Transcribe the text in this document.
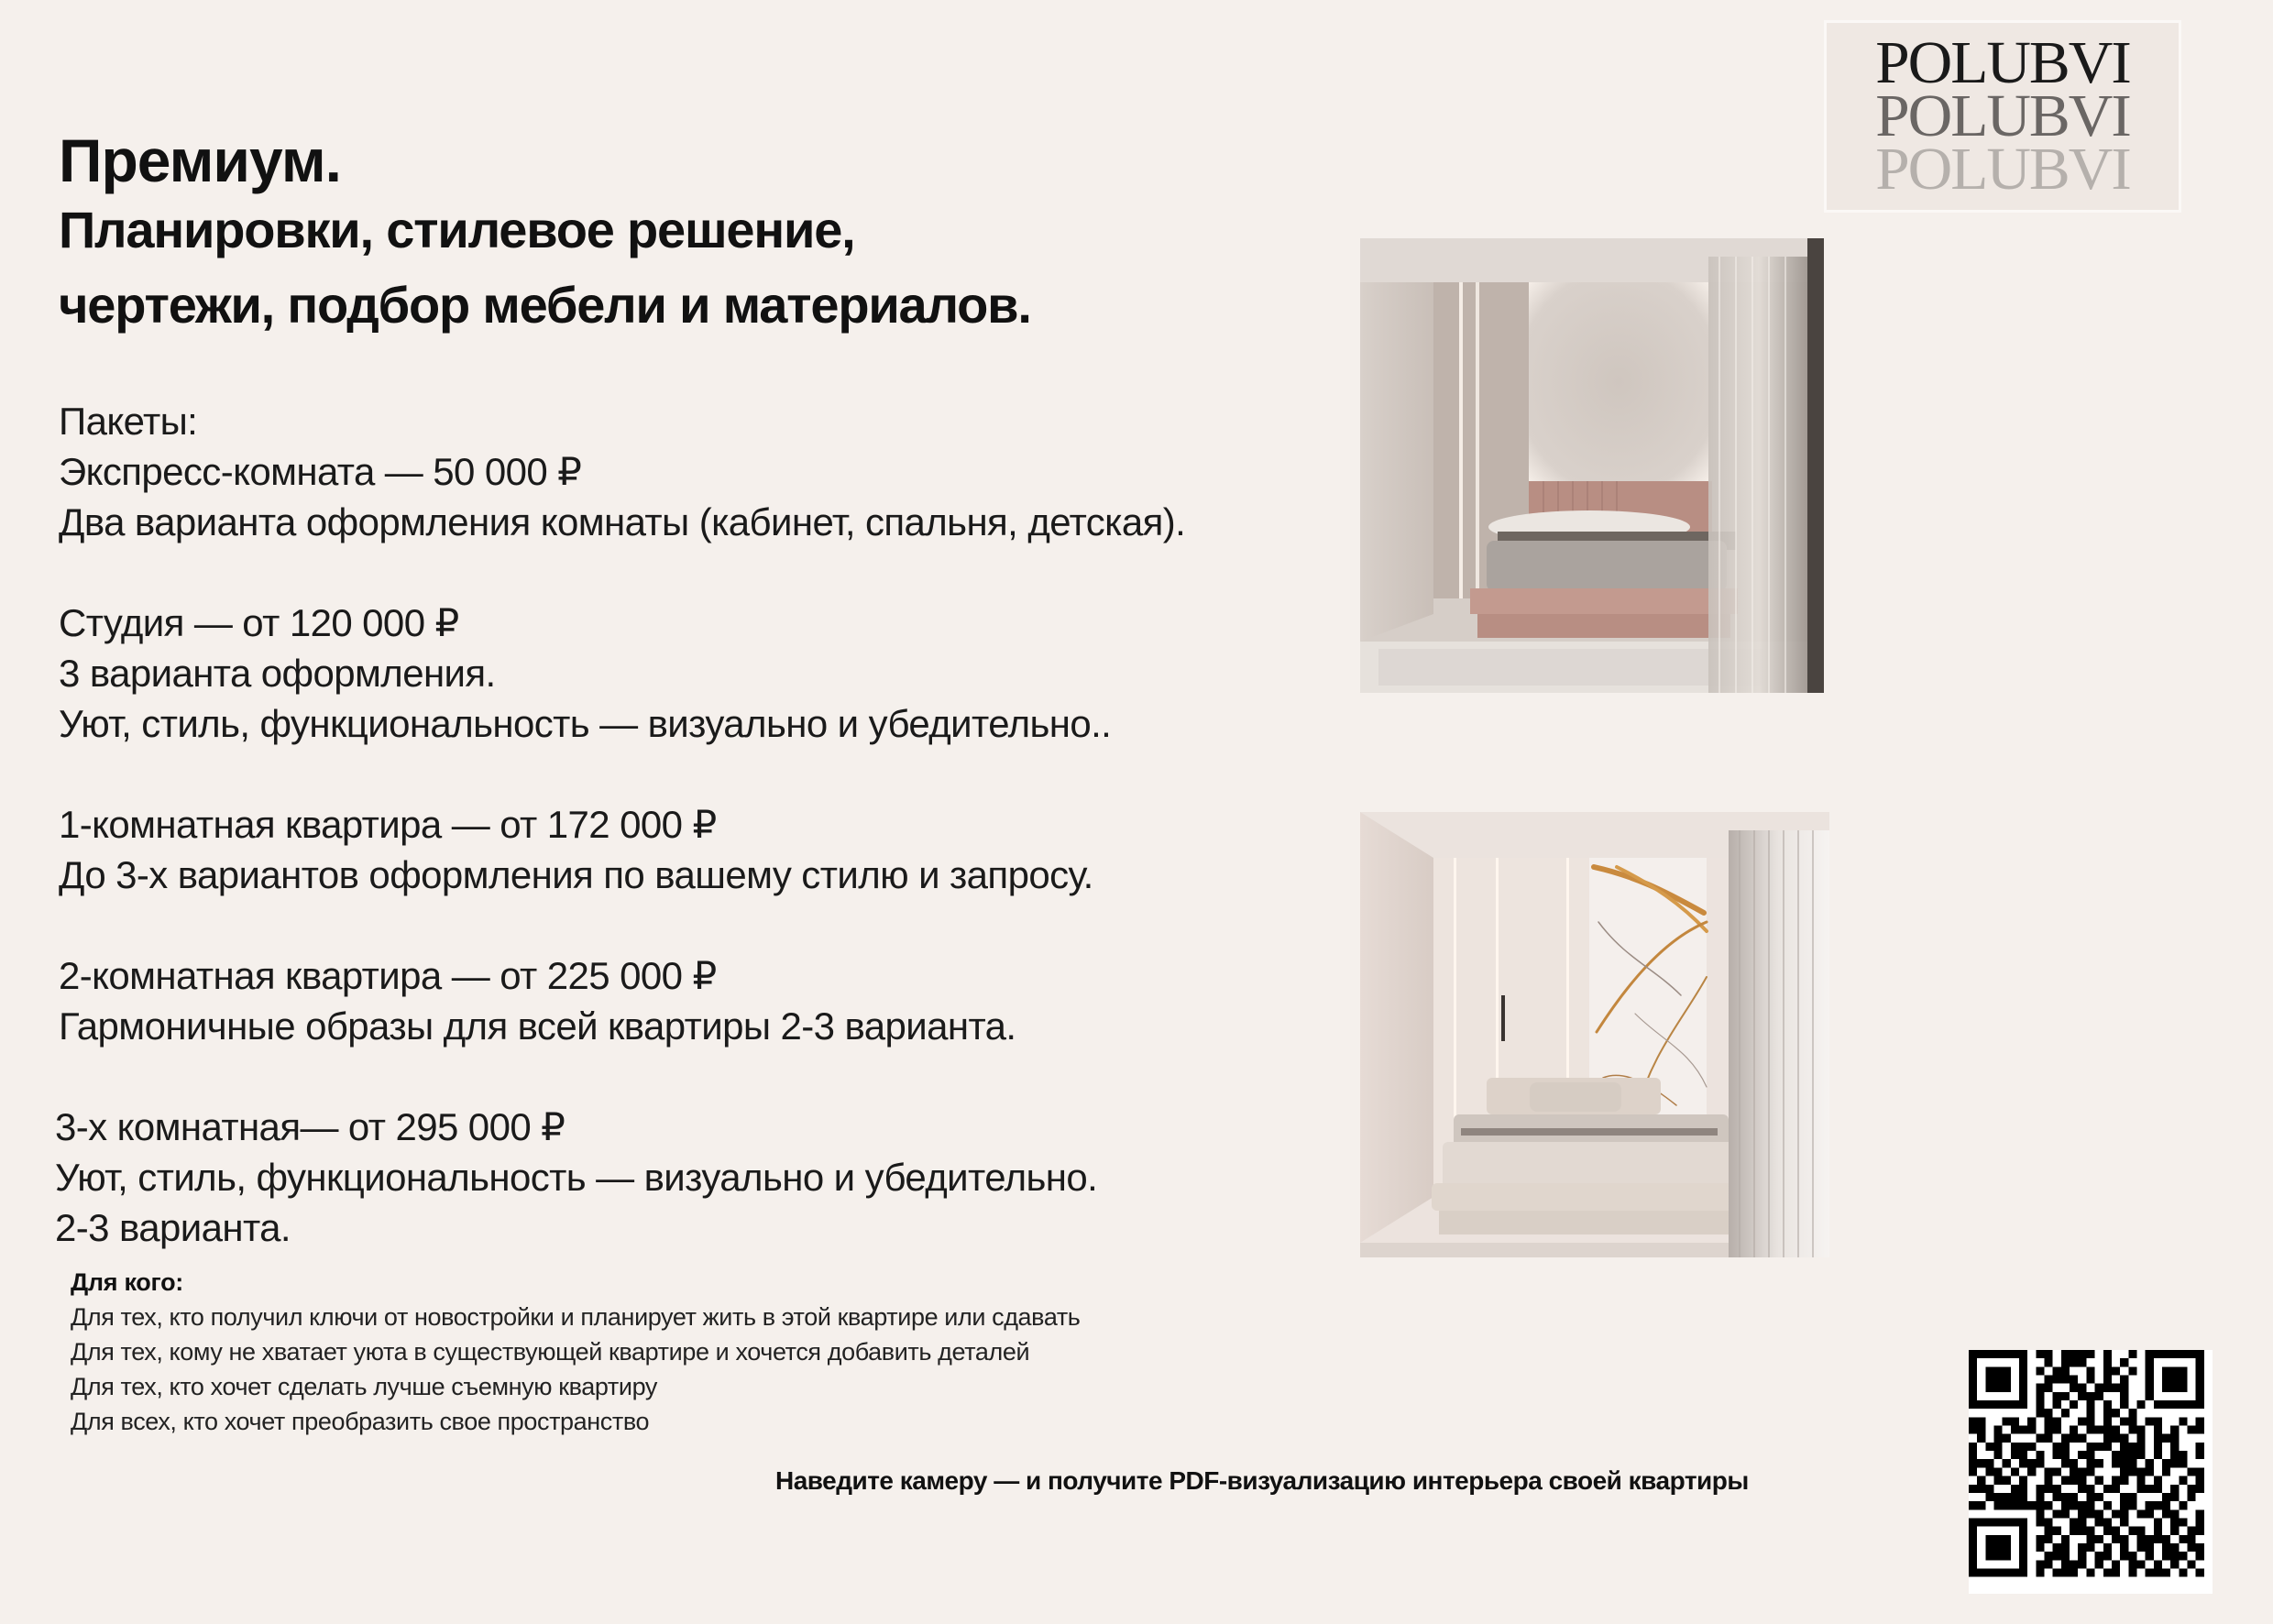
Премиум.
Планировки, стилевое решение,
чертежи, подбор мебели и материалов.
POLUBVI
POLUBVI
POLUBVI
Пакеты:
Экспресс-комната — 50 000 ₽
Два варианта оформления комнаты (кабинет, спальня, детская).
Студия — от 120 000 ₽
3 варианта оформления.
Уют, стиль, функциональность — визуально и убедительно..
1-комнатная квартира — от 172 000 ₽
До 3-х вариантов оформления по вашему стилю и запросу.
2-комнатная квартира — от 225 000 ₽
Гармоничные образы для всей квартиры 2-3 варианта.
3-х комнатная— от 295 000 ₽
Уют, стиль, функциональность — визуально и убедительно.
2-3 варианта.
Для кого:
Для тех, кто получил ключи от новостройки и планирует жить в этой квартире или сдавать
Для тех, кому не хватает уюта в существующей квартире и хочется добавить деталей
Для тех, кто хочет сделать лучше съемную квартиру
Для всех, кто хочет преобразить свое пространство
Наведите камеру — и получите PDF-визуализацию интерьера своей квартиры
